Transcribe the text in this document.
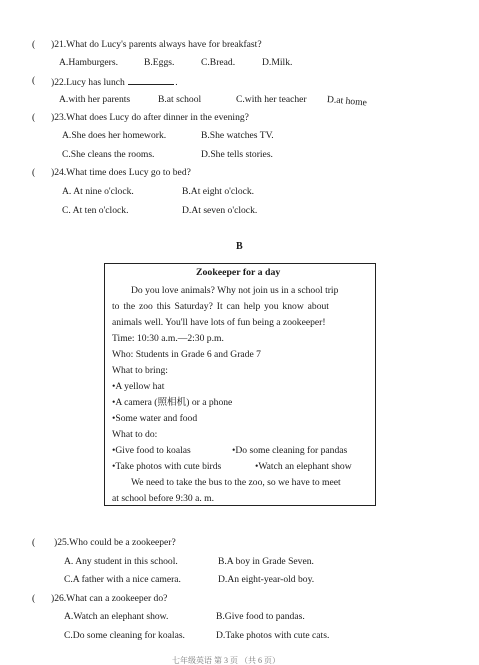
( )21.What do Lucy's parents always have for breakfast?
A.Hamburgers.	B.Eggs.	C.Bread.	D.Milk.
( )22.Lucy has lunch	.
A.with her parents	B.at school	C.with her teacher D.at home
( )23.What does Lucy do after dinner in the evening?
A.She does her homework.	B.She watches TV.
C.She cleans the rooms.	D.She tells stories.
( )24.What time does Lucy go to bed?
A. At nine o'clock.	B.At eight o'clock.
C. At ten o'clock.	D.At seven o'clock.
B
Zookeeper for a day
Do you love animals? Why not join us in a school trip
to the zoo this Saturday? It can help you know about
animals well. You'll have lots of fun being a zookeeper!
Time: 10:30 a.m.—2:30 p.m.
Who: Students in Grade 6 and Grade 7
What to bring:
•A yellow hat
•A camera (照相机) or a phone
•Some water and food
What to do:
•Give food to koalas	•Do some cleaning for pandas
•Take photos with cute birds	•Watch an elephant show
We need to take the bus to the zoo, so we have to meet
at school before 9:30 a. m.
( )25.Who could be a zookeeper?
A. Any student in this school.	B.A boy in Grade Seven.
C.A father with a nice camera.	D.An eight-year-old boy.
( )26.What can a zookeeper do?
A.Watch an elephant show.	B.Give food to pandas.
C.Do some cleaning for koalas.	D.Take photos with cute cats.
七年级英语 第 3 页 （共 6 页）
